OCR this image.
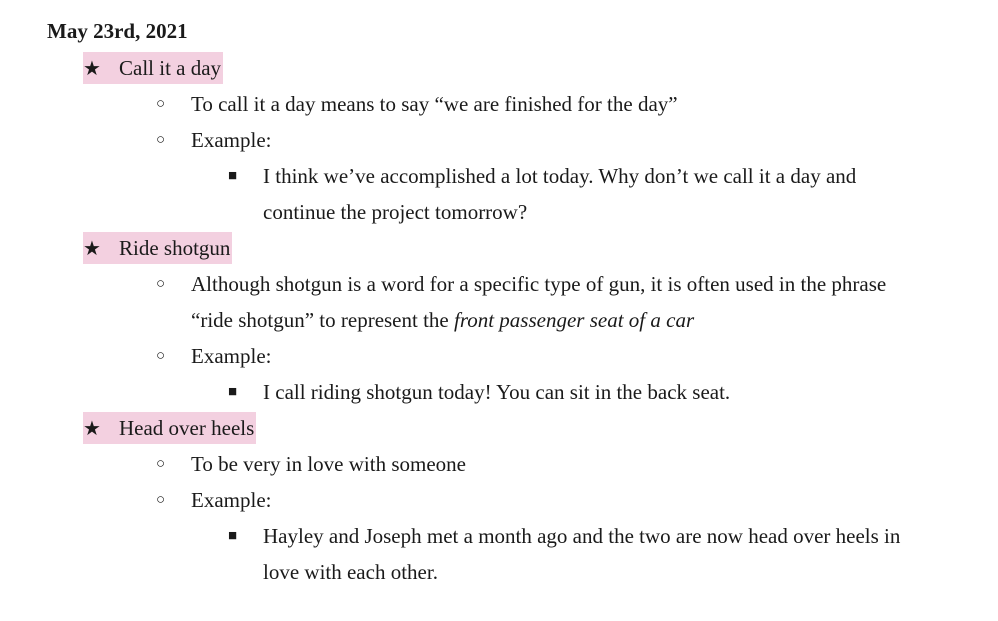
May 23rd, 2021
★ Call it a day
○ To call it a day means to say “we are finished for the day”
○ Example:
■ I think we’ve accomplished a lot today. Why don’t we call it a day and
continue the project tomorrow?
★ Ride shotgun
○ Although shotgun is a word for a specific type of gun, it is often used in the phrase
“ride shotgun” to represent the front passenger seat of a car
○ Example:
■ I call riding shotgun today! You can sit in the back seat.
★ Head over heels
○ To be very in love with someone
○ Example:
■ Hayley and Joseph met a month ago and the two are now head over heels in
love with each other.
